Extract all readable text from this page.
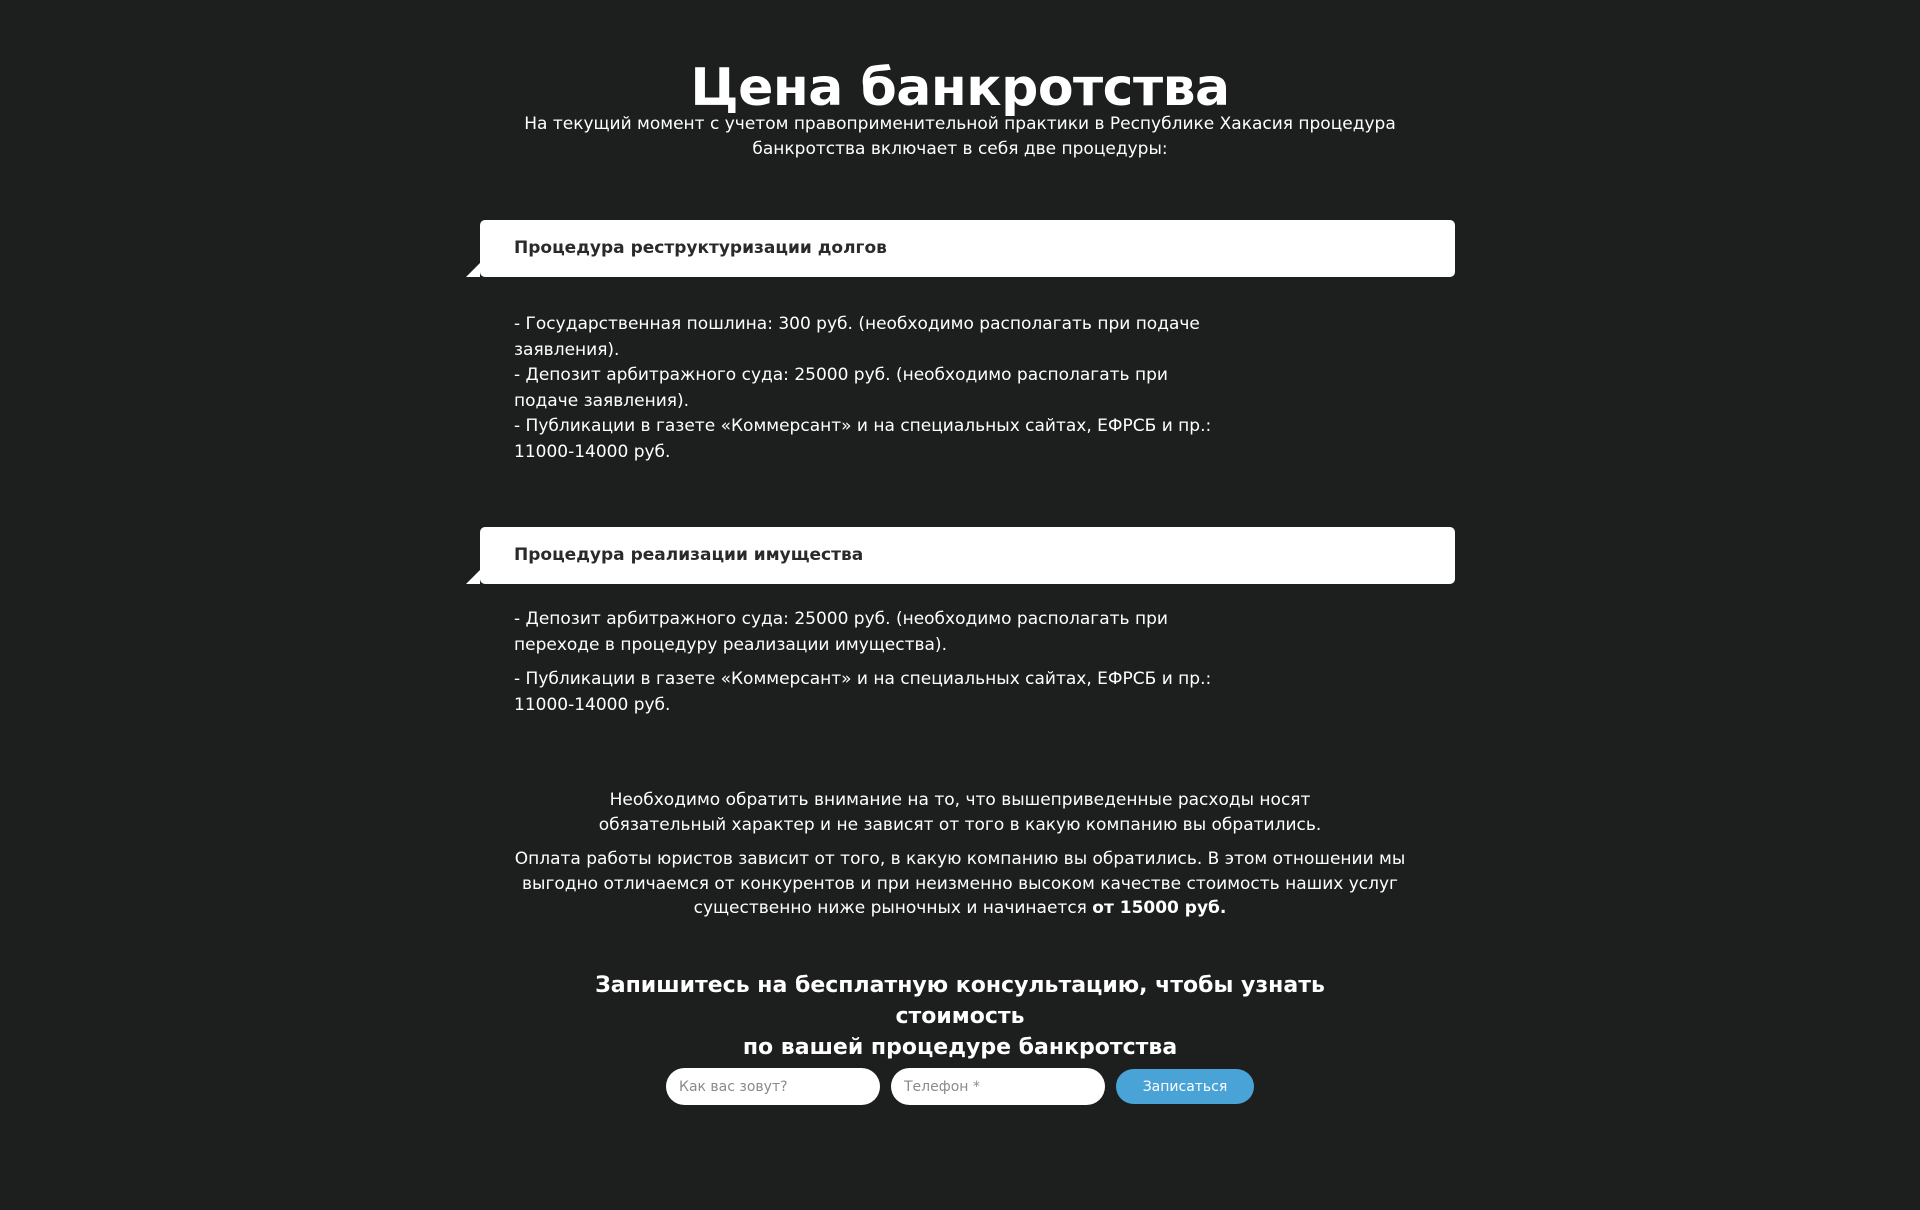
Цена банкротства
На текущий момент с учетом правоприменительной практики в Республике Хакасия процедура банкротства включает в себя две процедуры:
Процедура реструктуризации долгов

- Государственная пошлина: 300 руб. (необходимо располагать при подаче заявления).

- Депозит арбитражного суда: 25000 руб. (необходимо располагать при подаче заявления).

- Публикации в газете «Коммерсант» и на специальных сайтах, ЕФРСБ и пр.: 11000-14000 руб.

Процедура реализации имущества

- Депозит арбитражного суда: 25000 руб. (необходимо располагать при переходе в процедуру реализации имущества).

- Публикации в газете «Коммерсант» и на специальных сайтах, ЕФРСБ и пр.: 11000-14000 руб.

Необходимо обратить внимание на то, что вышеприведенные расходы носят обязательный характер и не зависят от того в какую компанию вы обратились.
Оплата работы юристов зависит от того, в какую компанию вы обратились. В этом отношении мы выгодно отличаемся от конкурентов и при неизменно высоком качестве стоимость наших услуг существенно ниже рыночных и начинается от 15000 руб.
Запишитесь на бесплатную консультацию, чтобы узнать стоимость
по вашей процедуре банкротства
Как вас зовут?
Телефон *
Записаться
